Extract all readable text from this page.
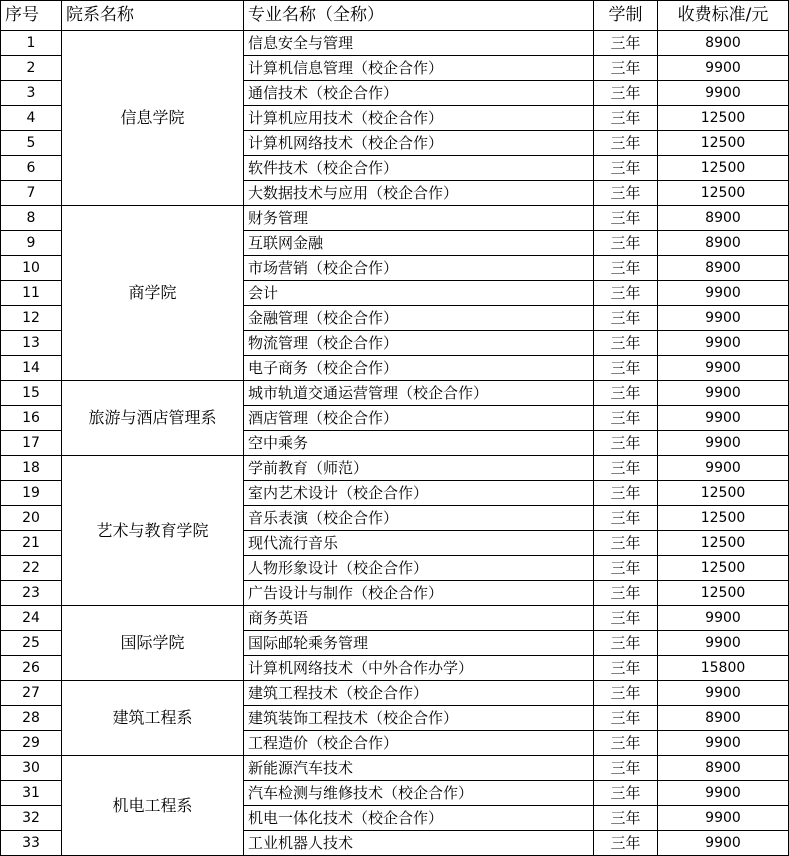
序号	院系名称	专业名称（全称）	学制	收费标准/元
1	信息学院	信息安全与管理	三年	8900
2		计算机信息管理（校企合作）	三年	9900
3		通信技术（校企合作）	三年	9900
4		计算机应用技术（校企合作）	三年	12500
5		计算机网络技术（校企合作）	三年	12500
6		软件技术（校企合作）	三年	12500
7		大数据技术与应用（校企合作）	三年	12500
8	商学院	财务管理	三年	8900
9		互联网金融	三年	8900
10		市场营销（校企合作）	三年	8900
11		会计	三年	9900
12		金融管理（校企合作）	三年	9900
13		物流管理（校企合作）	三年	9900
14		电子商务（校企合作）	三年	9900
15	旅游与酒店管理系	城市轨道交通运营管理（校企合作）	三年	9900
16		酒店管理（校企合作）	三年	9900
17		空中乘务	三年	9900
18	艺术与教育学院	学前教育（师范）	三年	9900
19		室内艺术设计（校企合作）	三年	12500
20		音乐表演（校企合作）	三年	12500
21		现代流行音乐	三年	12500
22		人物形象设计（校企合作）	三年	12500
23		广告设计与制作（校企合作）	三年	12500
24	国际学院	商务英语	三年	9900
25		国际邮轮乘务管理	三年	9900
26		计算机网络技术（中外合作办学）	三年	15800
27	建筑工程系	建筑工程技术（校企合作）	三年	9900
28		建筑装饰工程技术（校企合作）	三年	8900
29		工程造价（校企合作）	三年	9900
30	机电工程系	新能源汽车技术	三年	8900
31		汽车检测与维修技术（校企合作）	三年	9900
32		机电一体化技术（校企合作）	三年	9900
33		工业机器人技术	三年	9900
